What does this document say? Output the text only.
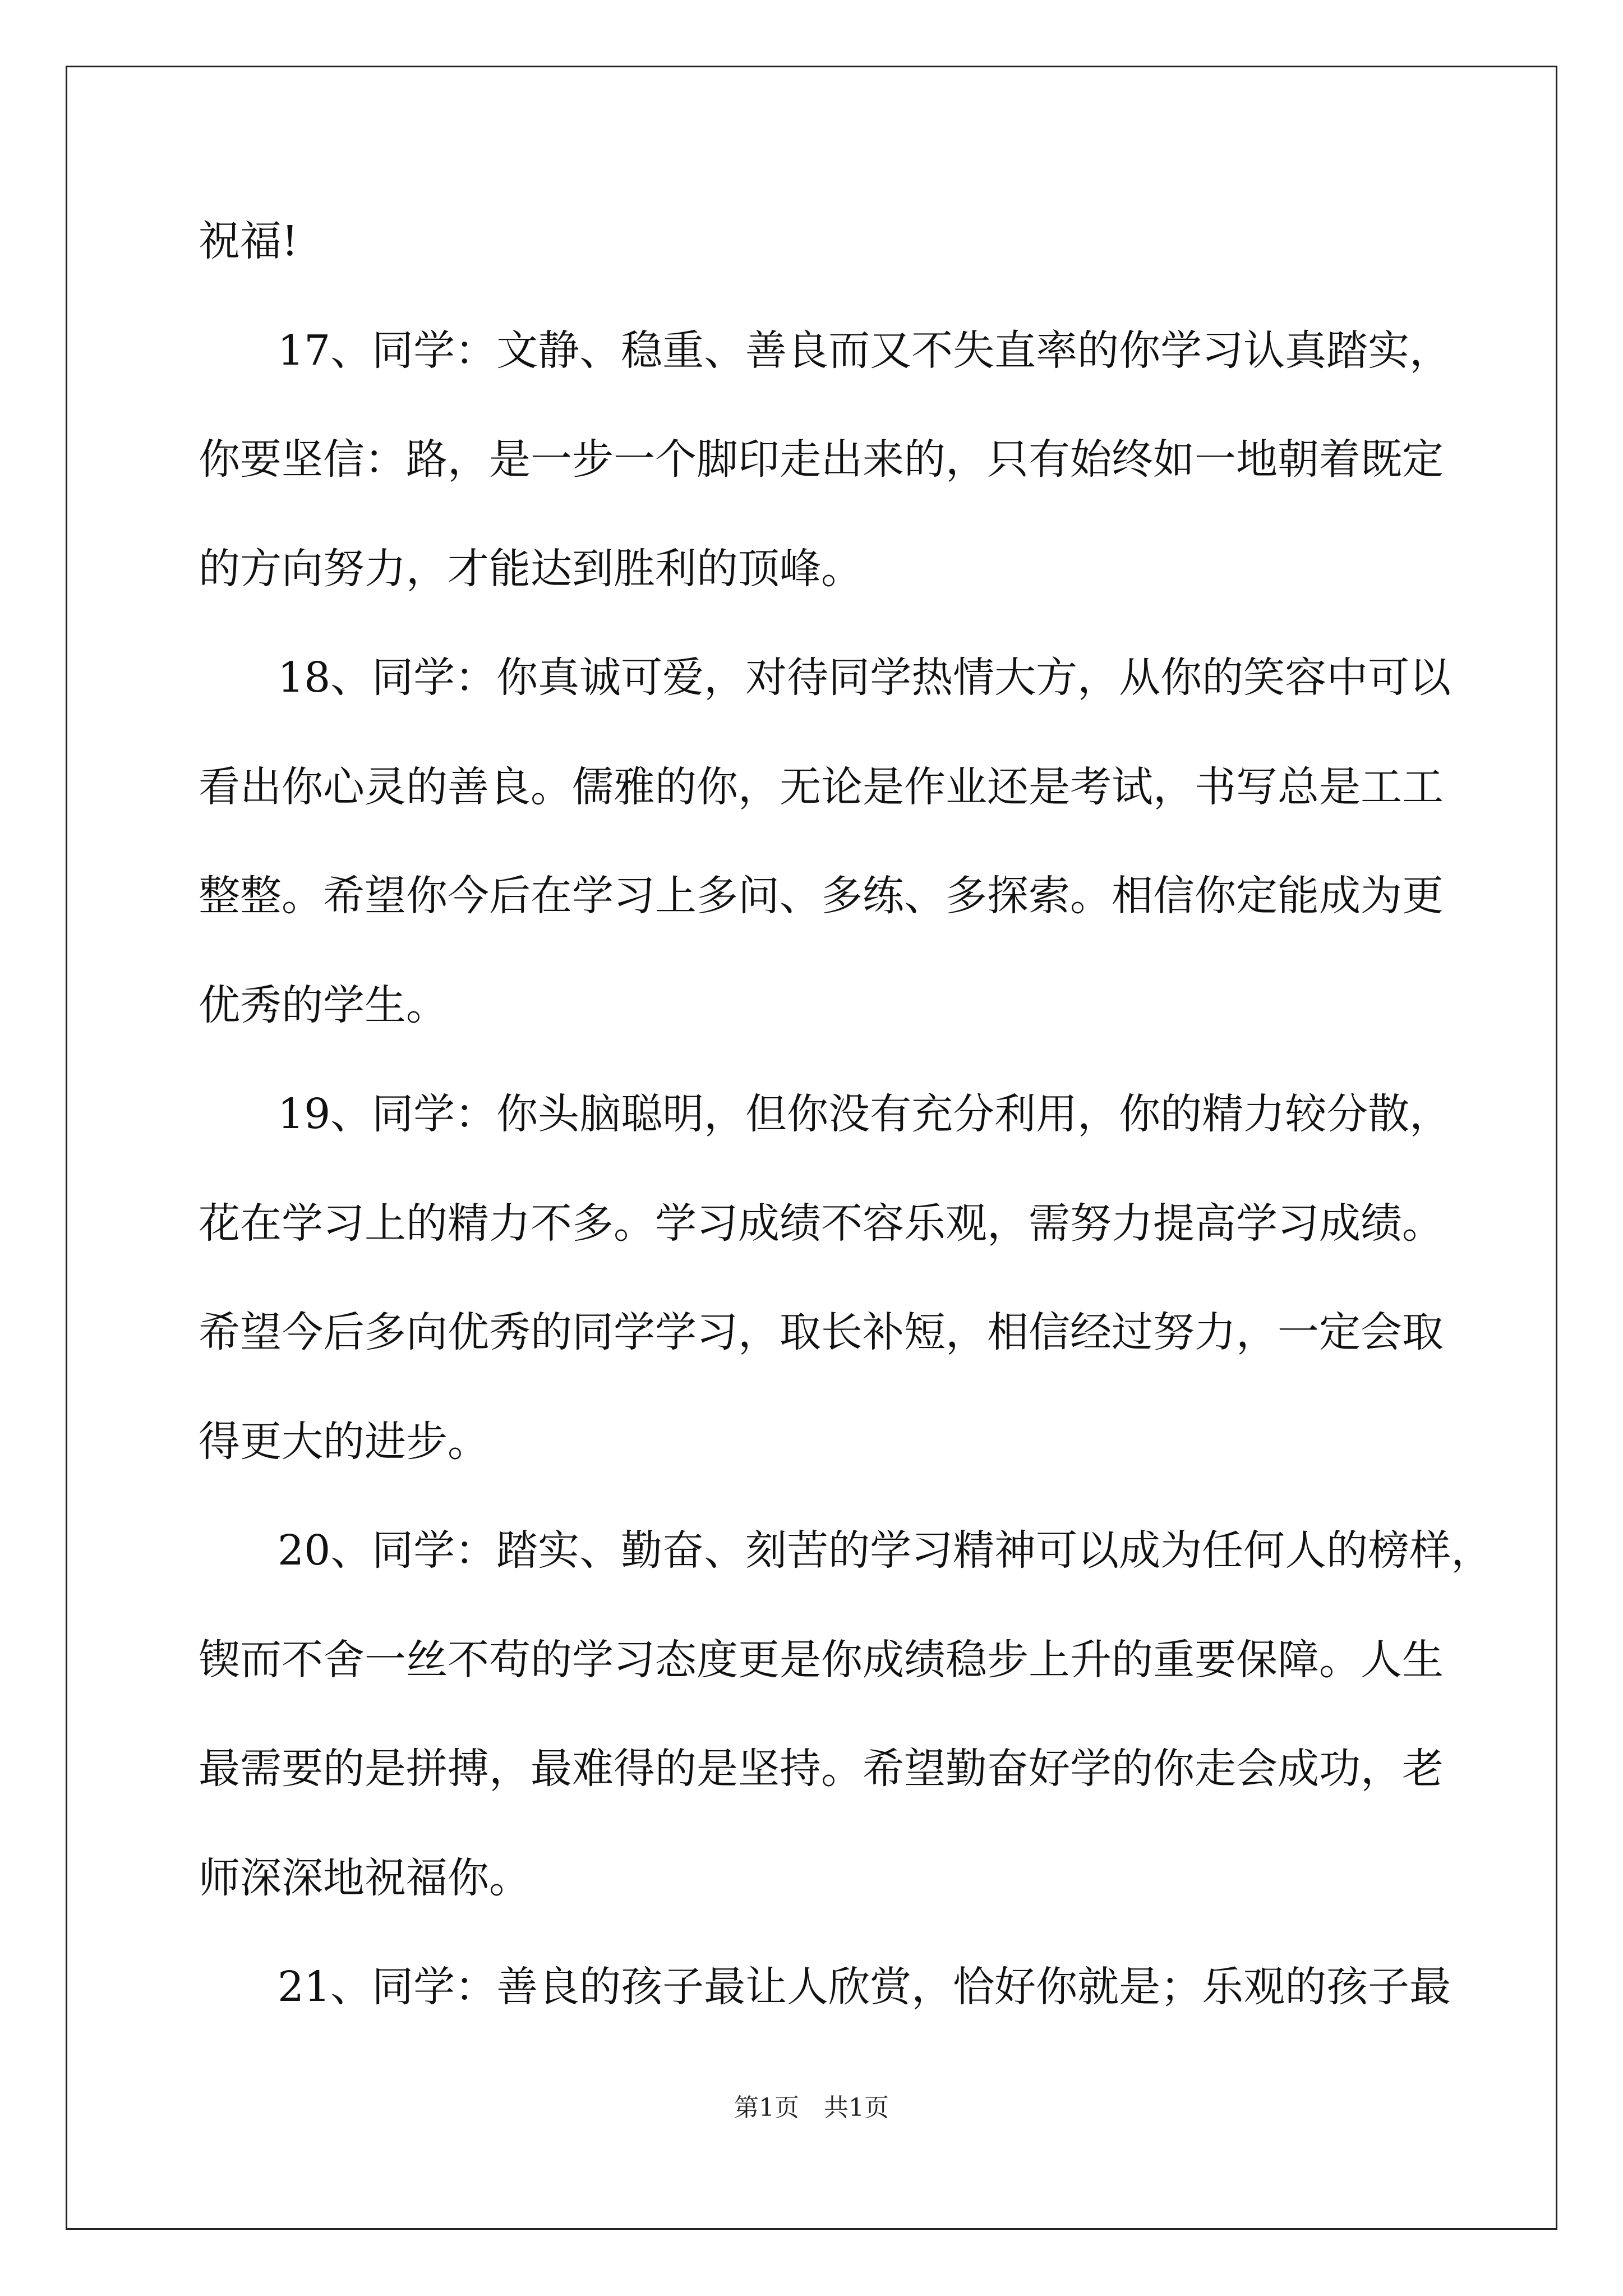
祝福!
17、同学：文静、稳重、善良而又不失直率的你学习认真踏实，
你要坚信：路，是一步一个脚印走出来的，只有始终如一地朝着既定
的方向努力，才能达到胜利的顶峰。
18、同学：你真诚可爱，对待同学热情大方，从你的笑容中可以
看出你心灵的善良。儒雅的你，无论是作业还是考试，书写总是工工
整整。希望你今后在学习上多问、多练、多探索。相信你定能成为更
优秀的学生。
19、同学：你头脑聪明，但你没有充分利用，你的精力较分散，
花在学习上的精力不多。学习成绩不容乐观，需努力提高学习成绩。
希望今后多向优秀的同学学习，取长补短，相信经过努力，一定会取
得更大的进步。
20、同学：踏实、勤奋、刻苦的学习精神可以成为任何人的榜样，
锲而不舍一丝不苟的学习态度更是你成绩稳步上升的重要保障。人生
最需要的是拼搏，最难得的是坚持。希望勤奋好学的你走会成功，老
师深深地祝福你。
21、同学：善良的孩子最让人欣赏，恰好你就是；乐观的孩子最
第1页　共1页
